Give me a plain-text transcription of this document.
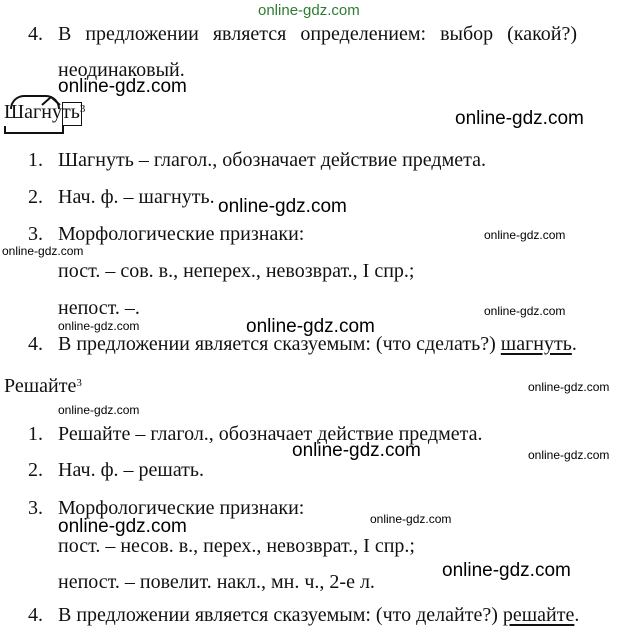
online-gdz.com
4. В предложении является определением: выбор (какой?)
неодинаковый.
online-gdz.com
online-gdz.com
Шагнуть$^3$
1. Шагнуть – глагол., обозначает действие предмета.
2. Нач. ф. – шагнуть. online-gdz.com
3. Морфологические признаки:	online-gdz.com
online-gdz.com
пост. – сов. в., неперех., невозврат., I спр.;
непост. –.	online-gdz.com
online-gdz.com	online-gdz.com
4. В предложении является сказуемым: (что сделать?) шагнуть.
Решайте$^3$	online-gdz.com
online-gdz.com
1. Решайте – глагол., обозначает действие предмета.
online-gdz.com	online-gdz.com
2. Нач. ф. – решать.
3. Морфологические признаки:	online-gdz.com
online-gdz.com
пост. – несов. в., перех., невозврат., I спр.;
непост. – повелит. накл., мн. ч., 2-е л.
online-gdz.com
4. В предложении является сказуемым: (что делайте?) решайте.
